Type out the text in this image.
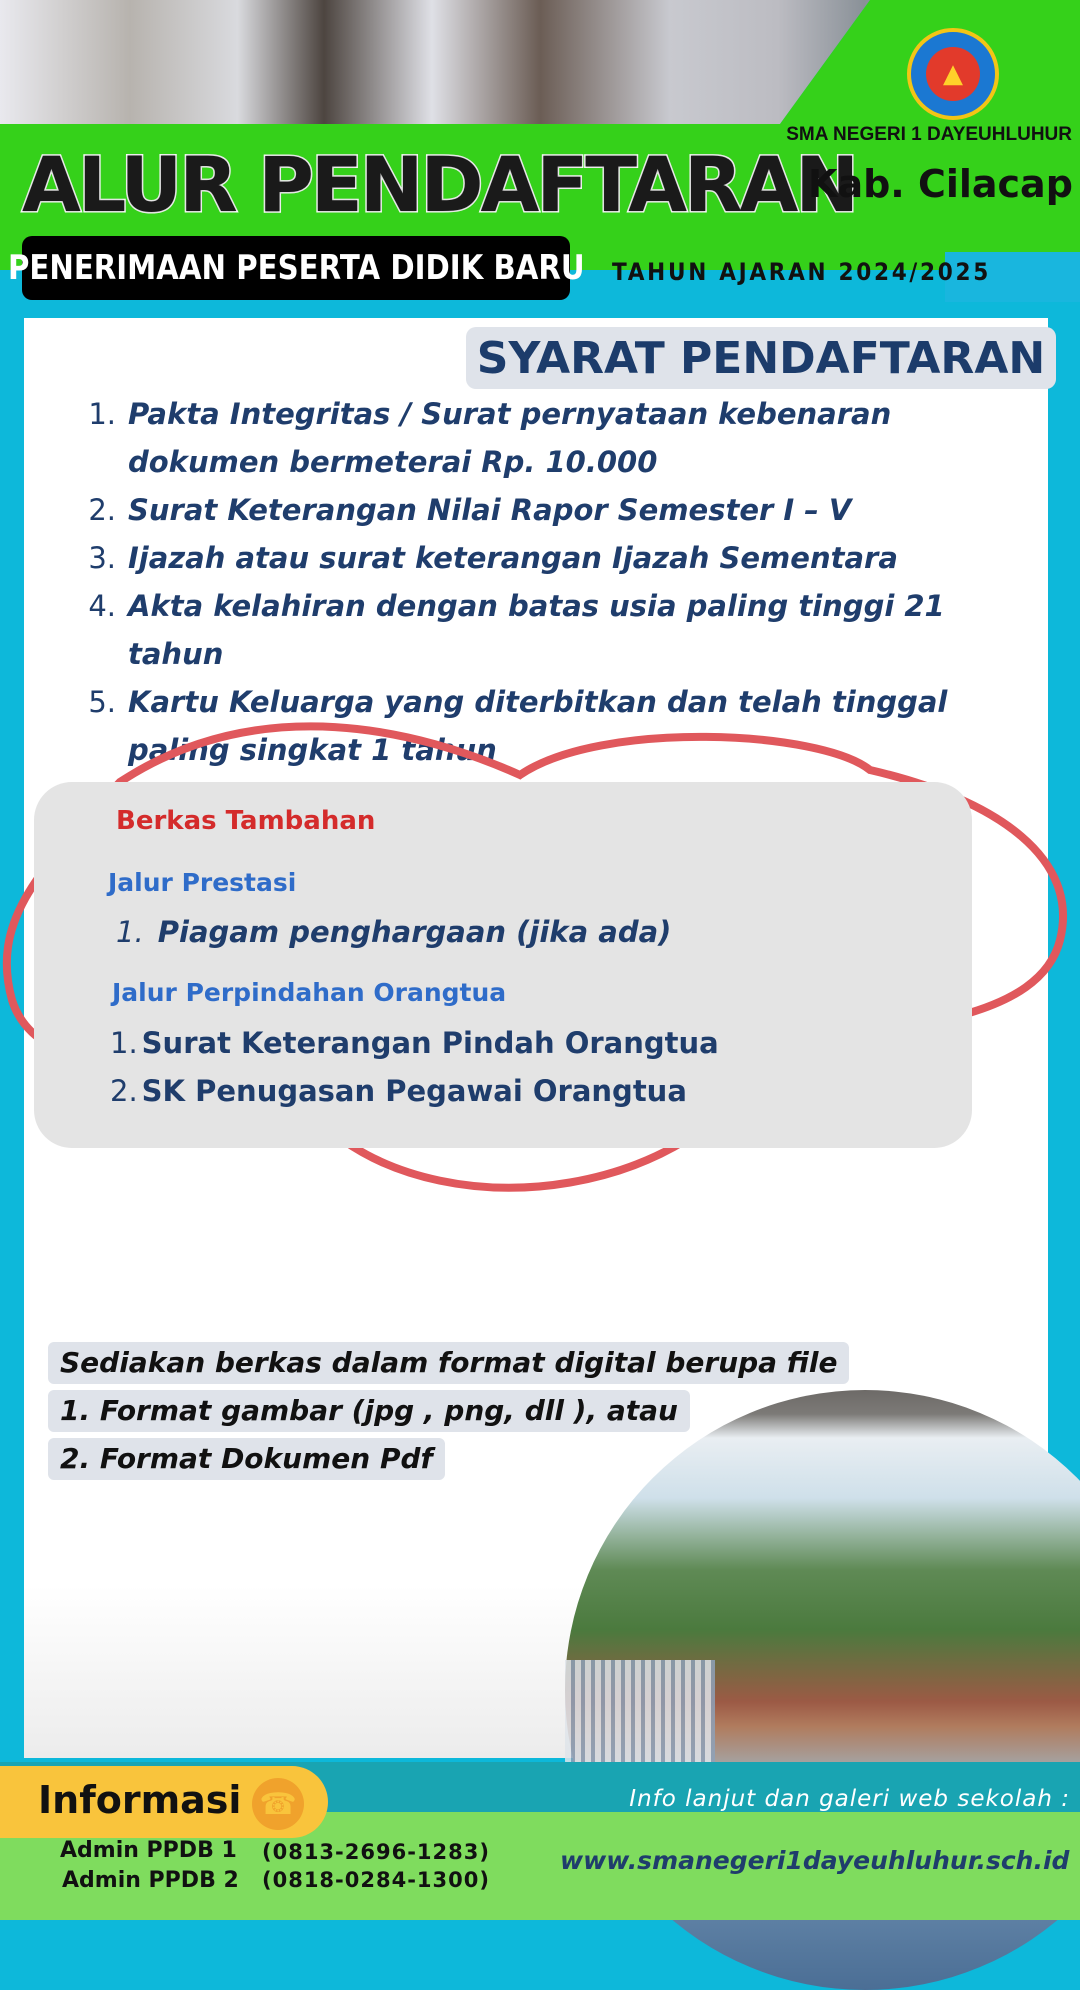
▲
SMA NEGERI 1 DAYEUHLUHUR
ALUR PENDAFTARAN
Kab. Cilacap
PENERIMAAN PESERTA DIDIK BARU TAHUN AJARAN 2024/2025
SYARAT PENDAFTARAN
1. Pakta Integritas / Surat pernyataan kebenaran dokumen bermeterai Rp. 10.000
2. Surat Keterangan Nilai Rapor Semester I – V
3. Ijazah atau surat keterangan Ijazah Sementara
4. Akta kelahiran dengan batas usia paling tinggi 21 tahun
5. Kartu Keluarga yang diterbitkan dan telah tinggal paling singkat 1 tahun
Berkas Tambahan
Jalur Prestasi
1. Piagam penghargaan (jika ada)
Jalur Perpindahan Orangtua
1. Surat Keterangan Pindah Orangtua
2. SK Penugasan Pegawai Orangtua
Sediakan berkas dalam format digital berupa file
1. Format gambar (jpg , png, dll ), atau
2. Format Dokumen Pdf
Informasi ☎	Info lanjut dan galeri web sekolah :
Admin PPDB 1 (0813-2696-1283)
Admin PPDB 2 (0818-0284-1300)
www.smanegeri1dayeuhluhur.sch.id
